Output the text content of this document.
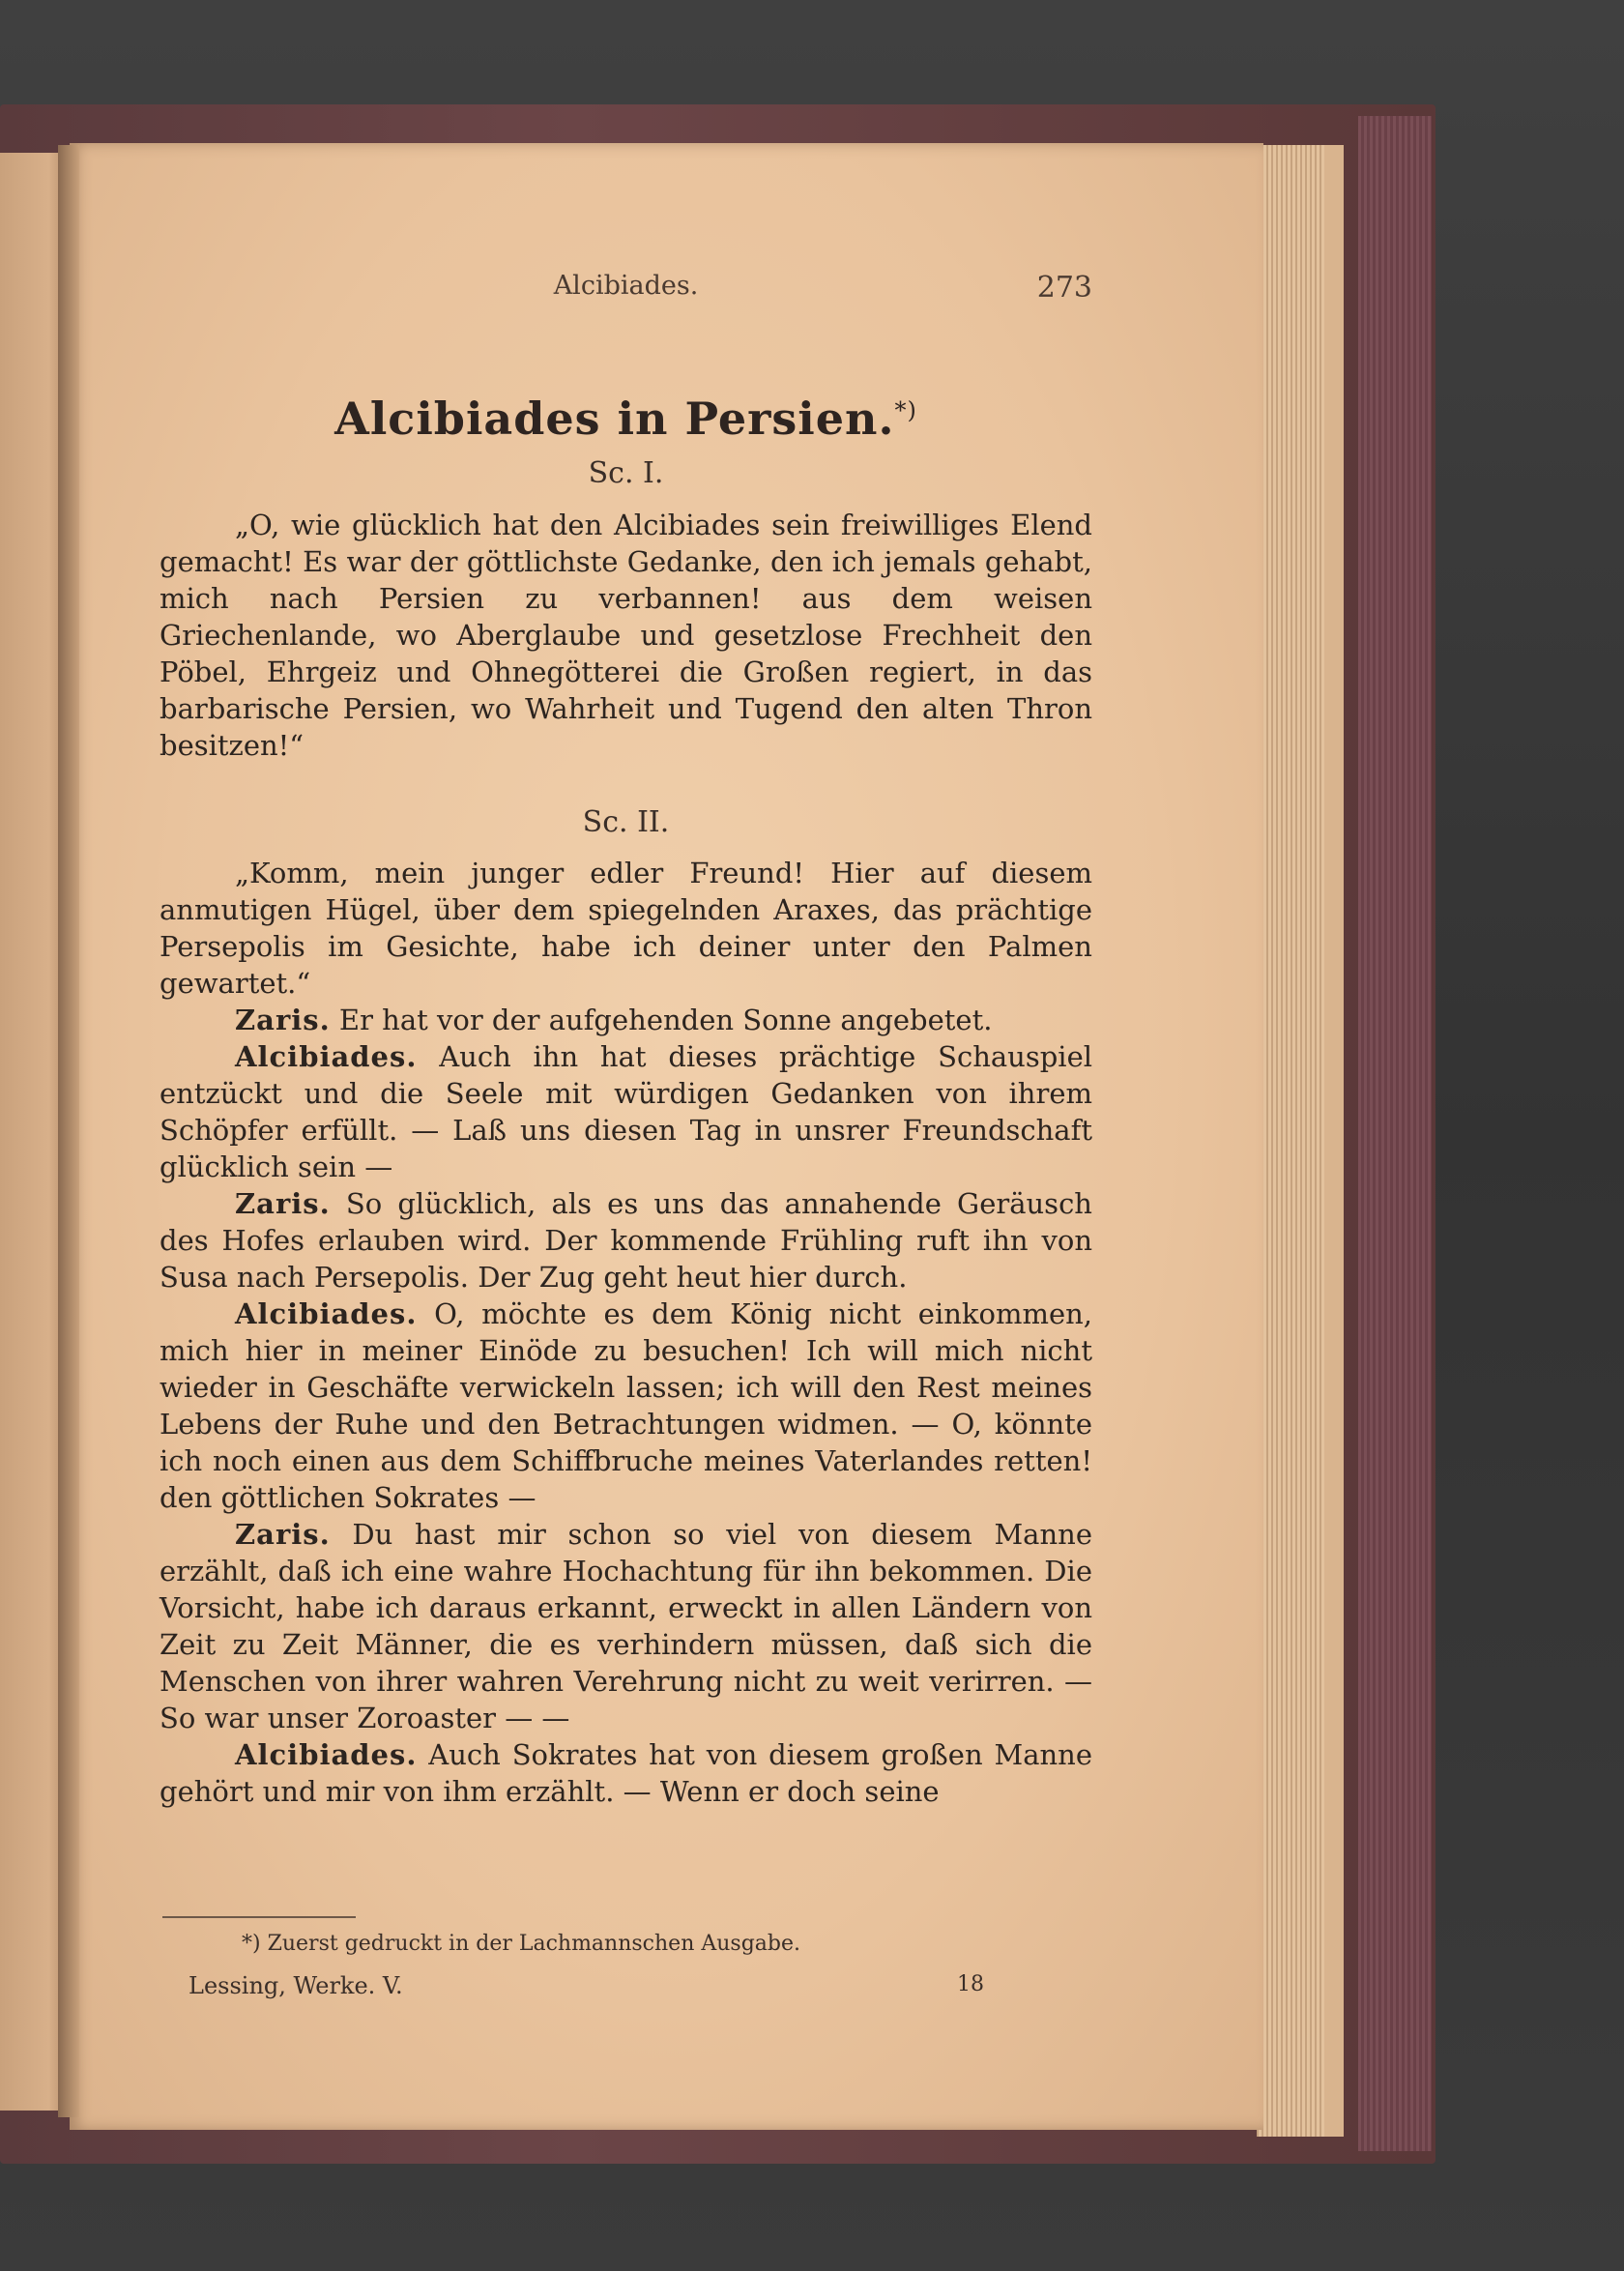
Alcibiades.	273
Alcibiades in Persien.*)
Sc. I.

„O, wie glücklich hat den Alcibiades sein freiwilliges Elend gemacht! Es war der göttlichste Gedanke, den ich jemals gehabt, mich nach Persien zu verbannen! aus dem weisen Griechenlande, wo Aberglaube und gesetzlose Frechheit den Pöbel, Ehrgeiz und Ohnegötterei die Großen regiert, in das barbarische Persien, wo Wahrheit und Tugend den alten Thron besitzen!“

Sc. II.

„Komm, mein junger edler Freund! Hier auf diesem anmutigen Hügel, über dem spiegelnden Araxes, das prächtige Persepolis im Gesichte, habe ich deiner unter den Palmen gewartet.“

Zaris. Er hat vor der aufgehenden Sonne angebetet.

Alcibiades. Auch ihn hat dieses prächtige Schauspiel entzückt und die Seele mit würdigen Gedanken von ihrem Schöpfer erfüllt. — Laß uns diesen Tag in unsrer Freundschaft glücklich sein —

Zaris. So glücklich, als es uns das annahende Geräusch des Hofes erlauben wird. Der kommende Frühling ruft ihn von Susa nach Persepolis. Der Zug geht heut hier durch.

Alcibiades. O, möchte es dem König nicht einkommen, mich hier in meiner Einöde zu besuchen! Ich will mich nicht wieder in Geschäfte verwickeln lassen; ich will den Rest meines Lebens der Ruhe und den Betrachtungen widmen. — O, könnte ich noch einen aus dem Schiffbruche meines Vaterlandes retten! den göttlichen Sokrates —

Zaris. Du hast mir schon so viel von diesem Manne erzählt, daß ich eine wahre Hochachtung für ihn bekommen. Die Vorsicht, habe ich daraus erkannt, erweckt in allen Ländern von Zeit zu Zeit Männer, die es verhindern müssen, daß sich die Menschen von ihrer wahren Verehrung nicht zu weit verirren. — So war unser Zoroaster — —

Alcibiades. Auch Sokrates hat von diesem großen Manne gehört und mir von ihm erzählt. — Wenn er doch seine

*) Zuerst gedruckt in der Lachmannschen Ausgabe.
Lessing, Werke. V.	18
